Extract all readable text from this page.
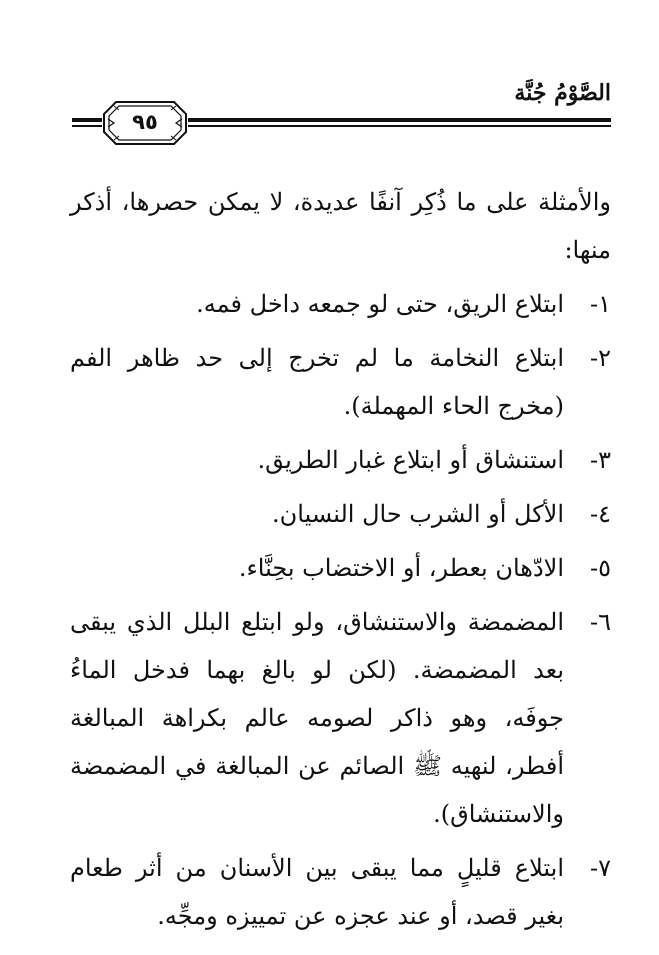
الصَّوْمُ جُنَّة
٩٥

والأمثلة على ما ذُكِر آنفًا عديدة، لا يمكن حصرها، أذكر منها:

١-
ابتلاع الريق، حتى لو جمعه داخل فمه.
٢-
ابتلاع النخامة ما لم تخرج إلى حد ظاهر الفم (مخرج الحاء المهملة).
٣-
استنشاق أو ابتلاع غبار الطريق.
٤-
الأكل أو الشرب حال النسيان.
٥-
الادّهان بعطر، أو الاختضاب بحِنَّاء.
٦-
المضمضة والاستنشاق، ولو ابتلع البلل الذي يبقى بعد المضمضة. (لكن لو بالغ بهما فدخل الماءُ جوفَه، وهو ذاكر لصومه عالم بكراهة المبالغة أفطر، لنهيه ﷺ الصائم عن المبالغة في المضمضة والاستنشاق).
٧-
ابتلاع قليلٍ مما يبقى بين الأسنان من أثر طعام بغير قصد، أو عند عجزه عن تمييزه ومجِّه.
